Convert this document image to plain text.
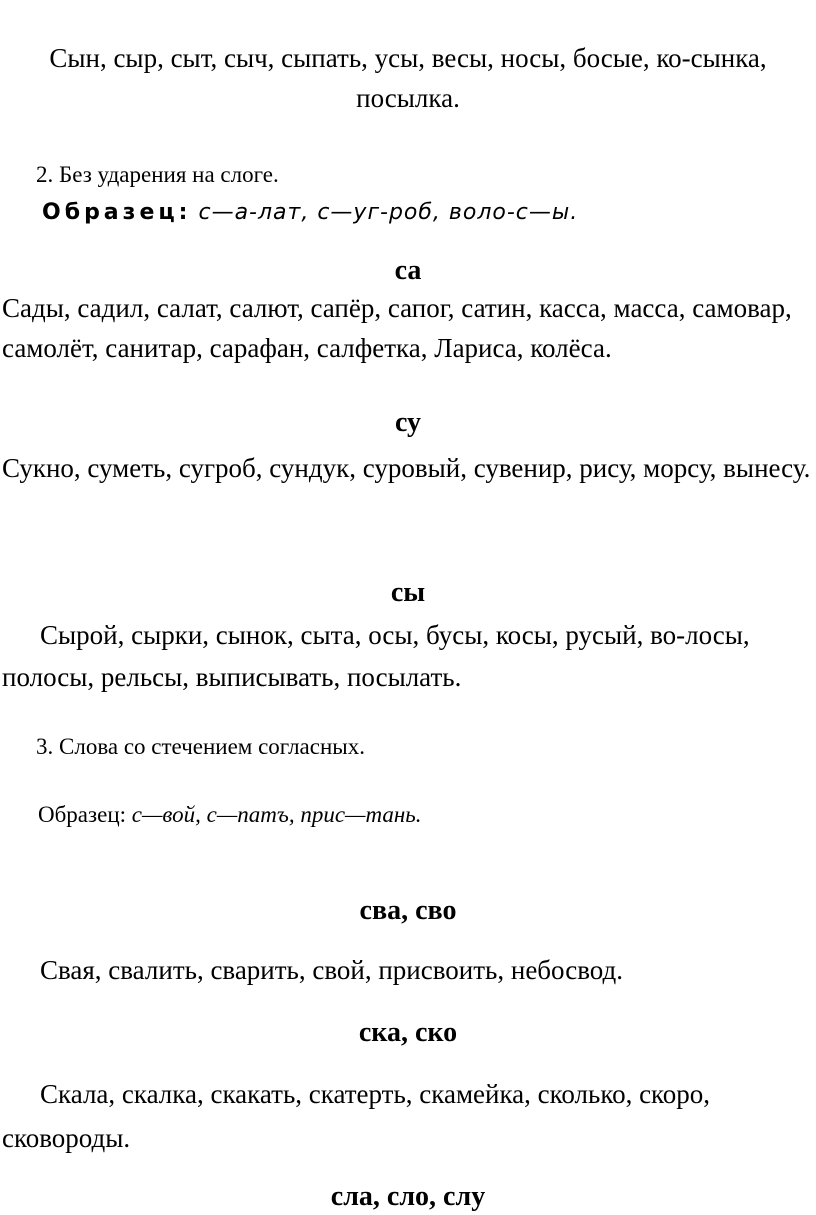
Сын, сыр, сыт, сыч, сыпать, усы, весы, носы, босые, ко-сынка, посылка.

2. Без ударения на слоге.

Образец: с—а-лат, с—уг-роб, воло-с—ы.

са

Сады, садил, салат, салют, сапёр, сапог, сатин, касса, масса, самовар, самолёт, санитар, сарафан, салфетка, Лариса, колёса.

су

Сукно, суметь, сугроб, сундук, суровый, сувенир, рису, морсу, вынесу.

сы

Сырой, сырки, сынок, сыта, осы, бусы, косы, русый, во-лосы, полосы, рельсы, выписывать, посылать.

3. Слова со стечением согласных.

Образец: с—вой, с—патъ, прис—тань.

сва, сво

Свая, свалить, сварить, свой, присвоить, небосвод.

ска, ско

Скала, скалка, скакать, скатерть, скамейка, сколько, скоро, сковороды.

сла, сло, слу
